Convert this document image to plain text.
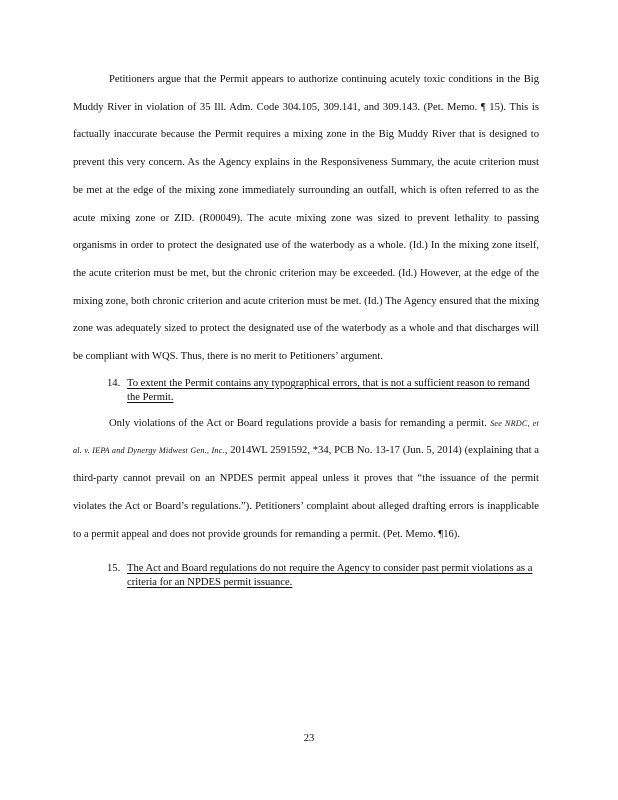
Petitioners argue that the Permit appears to authorize continuing acutely toxic conditions in the Big Muddy River in violation of 35 Ill. Adm. Code 304.105, 309.141, and 309.143. (Pet. Memo. ¶ 15). This is factually inaccurate because the Permit requires a mixing zone in the Big Muddy River that is designed to prevent this very concern. As the Agency explains in the Responsiveness Summary, the acute criterion must be met at the edge of the mixing zone immediately surrounding an outfall, which is often referred to as the acute mixing zone or ZID. (R00049). The acute mixing zone was sized to prevent lethality to passing organisms in order to protect the designated use of the waterbody as a whole. (Id.) In the mixing zone itself, the acute criterion must be met, but the chronic criterion may be exceeded. (Id.) However, at the edge of the mixing zone, both chronic criterion and acute criterion must be met. (Id.) The Agency ensured that the mixing zone was adequately sized to protect the designated use of the waterbody as a whole and that discharges will be compliant with WQS. Thus, there is no merit to Petitioners’ argument.

14. To extent the Permit contains any typographical errors, that is not a sufficient reason to remand the Permit.

Only violations of the Act or Board regulations provide a basis for remanding a permit. See NRDC, et al. v. IEPA and Dynergy Midwest Gen., Inc., 2014WL 2591592, *34, PCB No. 13-17 (Jun. 5, 2014) (explaining that a third-party cannot prevail on an NPDES permit appeal unless it proves that “the issuance of the permit violates the Act or Board’s regulations.”). Petitioners’ complaint about alleged drafting errors is inapplicable to a permit appeal and does not provide grounds for remanding a permit. (Pet. Memo. ¶16).

15. The Act and Board regulations do not require the Agency to consider past permit violations as a criteria for an NPDES permit issuance.
23
